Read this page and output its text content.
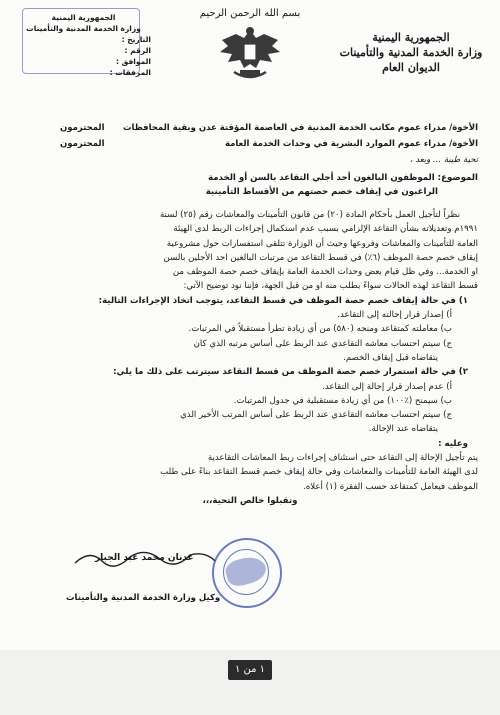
بسم الله الرحمن الرحيم
الجمهورية اليمنية
وزارة الخدمة المدنية والتأمينات
الديوان العام
الجمهورية اليمنية
وزارة الخدمة المدنية والتأمينات
التاريخ :
الرقم :
الموافق :
المرفقات :
الأخوة/ مدراء عموم مكاتب الخدمة المدنية في العاصمة المؤقتة عدن وبقية المحافظات
المحترمون
الأخوة/ مدراء عموم الموارد البشرية في وحدات الخدمة العامة
المحترمون
تحية طيبة ... وبعد ،

الموضوع: الموظفون البالغون أحد أجلي التقاعد بالسن أو الخدمة

الراغبون في إيقاف خصم حصتهم من الأقساط التأمينية

نظراً لتأجيل العمل بأحكام المادة (٢٠) من قانون التأمينات والمعاشات رقم (٢٥) لسنة

١٩٩١م وتعديلاته بشأن التقاعد الإلزامي بسبب عدم استكمال إجراءات الربط لدى الهيئة

العامة للتأمينات والمعاشات وفروعها وحيث أن الوزارة تتلقى استفسارات حول مشروعية

إيقاف خصم حصة الموظف (٦٪) في قسط التقاعد من مرتبات البالغين احد الأجلين بالسن

او الخدمة... وفي ظل قيام بعض وحدات الخدمة العامة بإيقاف خصم حصة الموظف من

قسط التقاعد لهذه الحالات سواءً بطلب منه او من قبل الجهة، فإننا نود توضيح الآتي:

١) في حالة إيقاف خصم حصة الموظف في قسط التقاعد، يتوجب اتخاذ الإجراءات التالية:

أ) إصدار قرار إحالته إلى التقاعد.

ب) معاملته كمتقاعد ومنحه (٥٨٠) من أي زيادة تطرأ مستقبلاً في المرتبات.

ج) سيتم احتساب معاشه التقاعدي عند الربط على أساس مرتبه الذي كان

يتقاضاه قبل إيقاف الخصم.

٢) في حالة استمرار خصم حصة الموظف من قسط التقاعد سيترتب على ذلك ما يلي:

أ) عدم إصدار قرار إحالة إلى التقاعد.

ب) سيمنح (٪١٠٠) من أي زيادة مستقبلية في جدول المرتبات.

ج) سيتم احتساب معاشه التقاعدي عند الربط على أساس المرتب الأخير الذي

يتقاضاه عند الإحالة.

وعليه :

يتم تأجيل الإحالة إلى التقاعد حتى استئناف إجراءات ربط المعاشات التقاعدية

لدى الهيئة العامة للتأمينات والمعاشات وفي حالة إيقاف خصم قسط التقاعد بناءً على طلب

الموظف فيعامل كمتقاعد حسب الفقرة (١) أعلاه.

وتقبلوا خالص التحية،،،

عدنان محمد عبد الجبار
وكيل وزارة الخدمة المدنية والتأمينات
١ من ١
